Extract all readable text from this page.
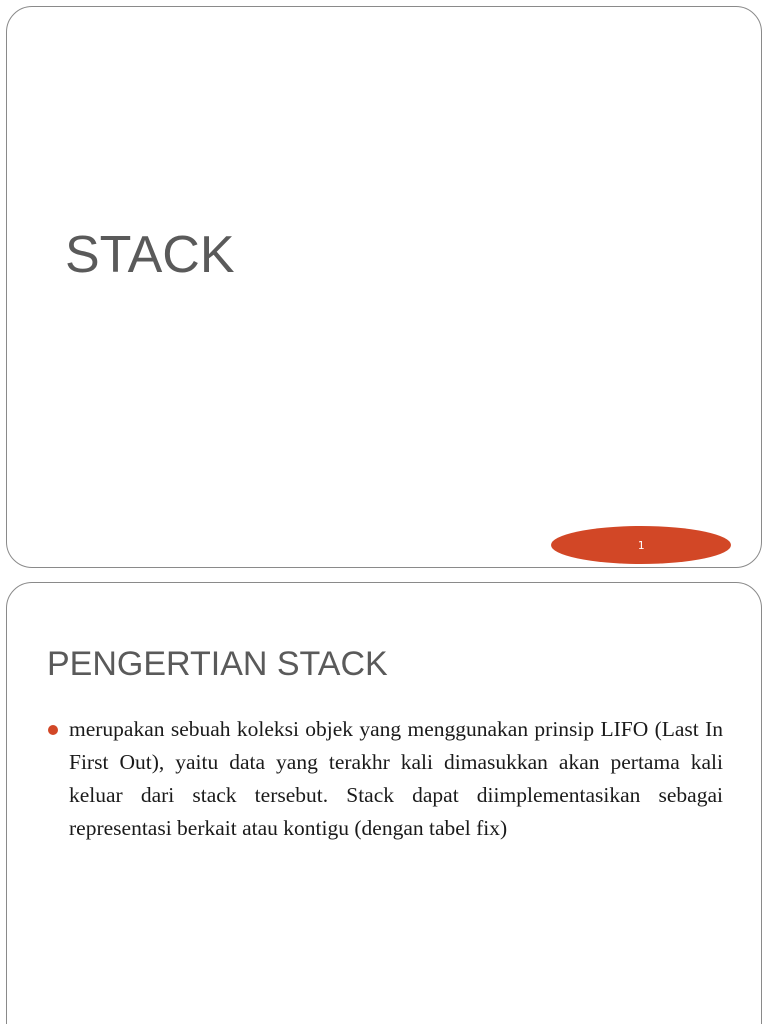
STACK
1
PENGERTIAN STACK
merupakan sebuah koleksi objek yang menggunakan prinsip LIFO (Last In First Out), yaitu data yang terakhr kali dimasukkan akan pertama kali keluar dari stack tersebut. Stack dapat diimplementasikan sebagai representasi berkait atau kontigu (dengan tabel fix)
